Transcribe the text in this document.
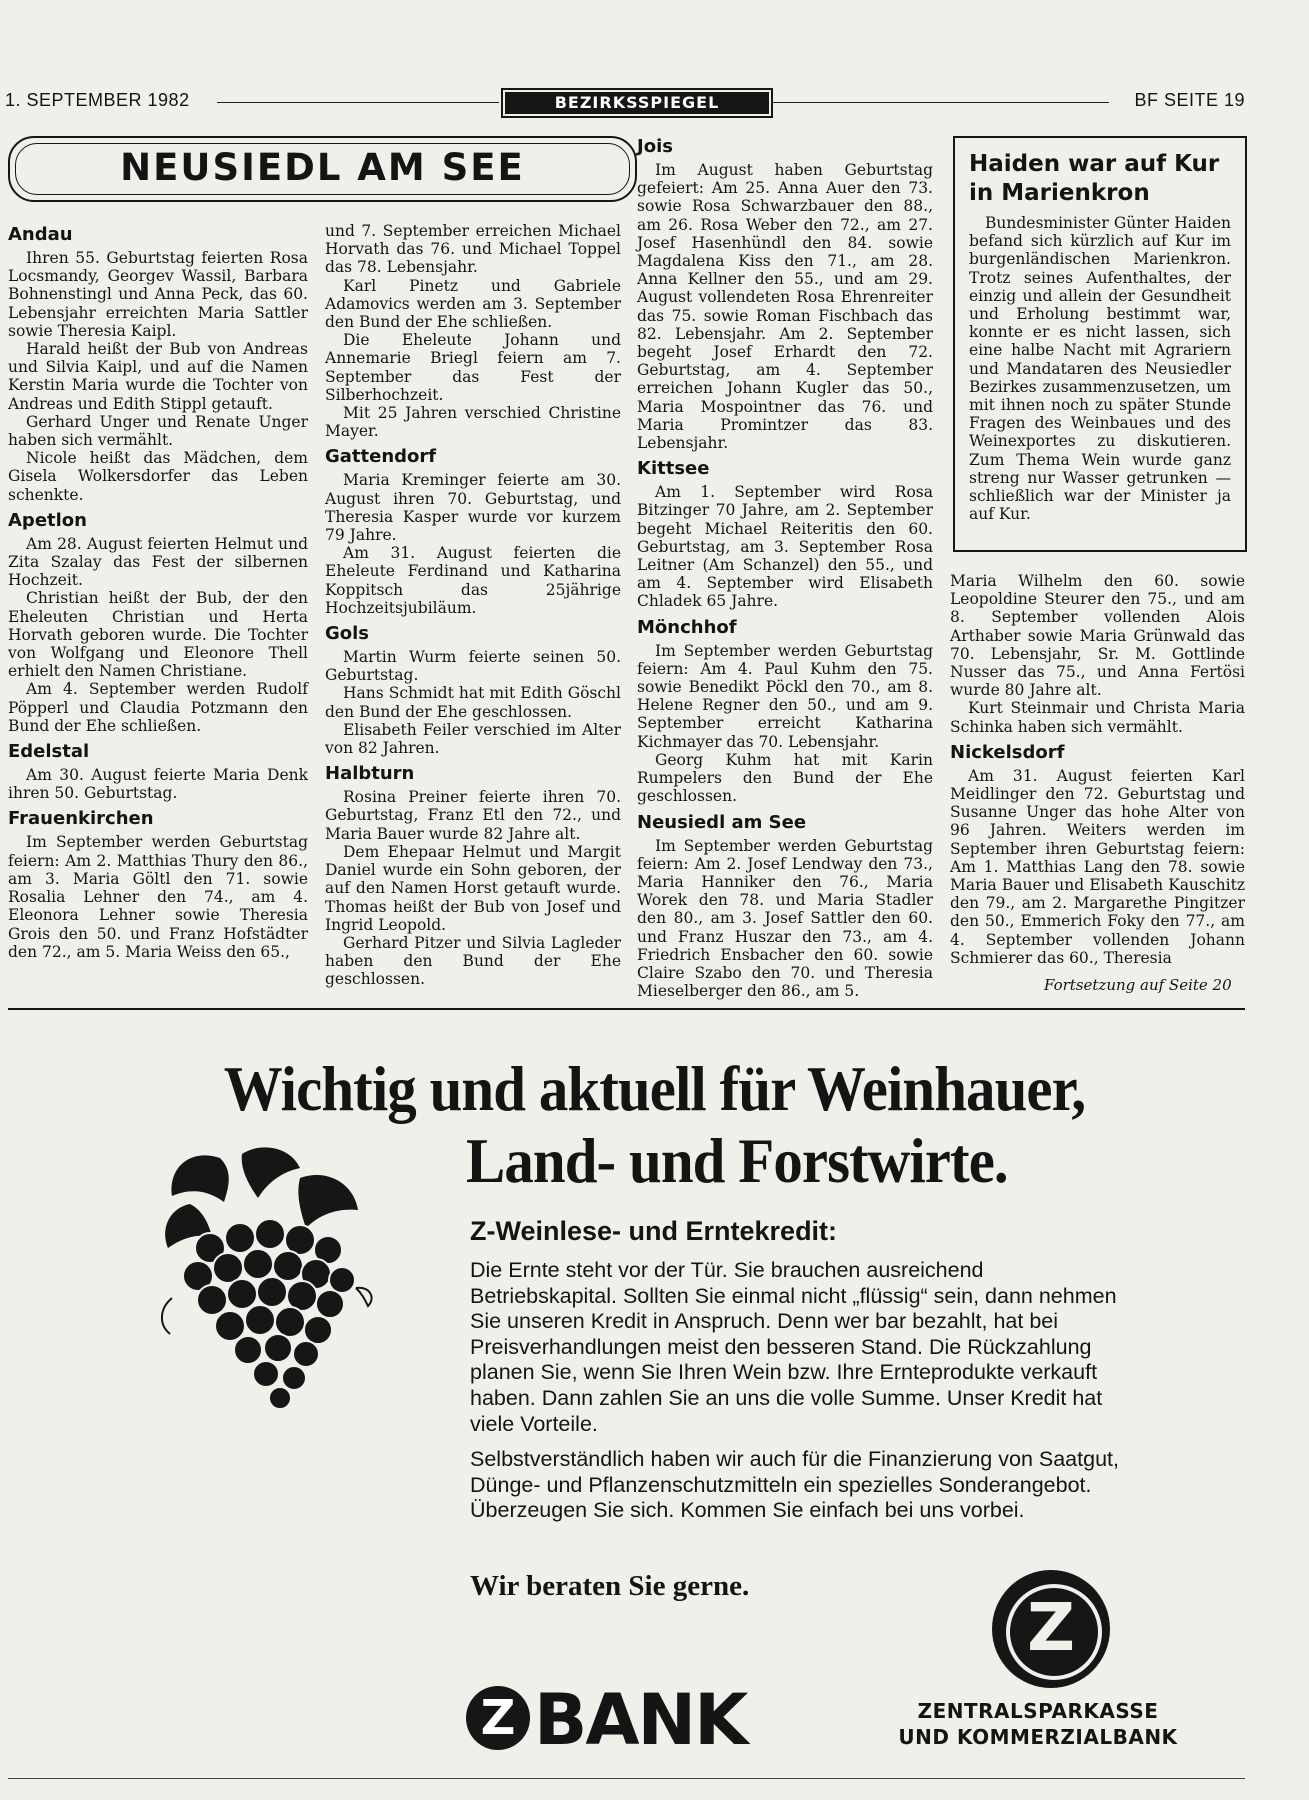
1. SEPTEMBER 1982	BEZIRKSSPIEGEL	BF SEITE 19
NEUSIEDL AM SEE
Andau

Ihren 55. Geburtstag feierten Rosa Locsmandy, Georgev Wassil, Barbara Bohnenstingl und Anna Peck, das 60. Lebensjahr erreichten Maria Sattler sowie Theresia Kaipl.

Harald heißt der Bub von Andreas und Silvia Kaipl, und auf die Namen Kerstin Maria wurde die Tochter von Andreas und Edith Stippl getauft.

Gerhard Unger und Renate Unger haben sich vermählt.

Nicole heißt das Mädchen, dem Gisela Wolkersdorfer das Leben schenkte.

Apetlon

Am 28. August feierten Helmut und Zita Szalay das Fest der silbernen Hochzeit.

Christian heißt der Bub, der den Eheleuten Christian und Herta Horvath geboren wurde. Die Tochter von Wolfgang und Eleonore Thell erhielt den Namen Christiane.

Am 4. September werden Rudolf Pöpperl und Claudia Potzmann den Bund der Ehe schließen.

Edelstal

Am 30. August feierte Maria Denk ihren 50. Geburtstag.

Frauenkirchen

Im September werden Geburtstag feiern: Am 2. Matthias Thury den 86., am 3. Maria Göltl den 71. sowie Rosalia Lehner den 74., am 4. Eleonora Lehner sowie Theresia Grois den 50. und Franz Hofstädter den 72., am 5. Maria Weiss den 65.,

und 7. September erreichen Michael Horvath das 76. und Michael Toppel das 78. Lebensjahr.

Karl Pinetz und Gabriele Adamovics werden am 3. September den Bund der Ehe schließen.

Die Eheleute Johann und Annemarie Briegl feiern am 7. September das Fest der Silberhochzeit.

Mit 25 Jahren verschied Christine Mayer.

Gattendorf

Maria Kreminger feierte am 30. August ihren 70. Geburtstag, und Theresia Kasper wurde vor kurzem 79 Jahre.

Am 31. August feierten die Eheleute Ferdinand und Katharina Koppitsch das 25jährige Hochzeitsjubiläum.

Gols

Martin Wurm feierte seinen 50. Geburtstag.

Hans Schmidt hat mit Edith Göschl den Bund der Ehe geschlossen.

Elisabeth Feiler verschied im Alter von 82 Jahren.

Halbturn

Rosina Preiner feierte ihren 70. Geburtstag, Franz Etl den 72., und Maria Bauer wurde 82 Jahre alt.

Dem Ehepaar Helmut und Margit Daniel wurde ein Sohn geboren, der auf den Namen Horst getauft wurde. Thomas heißt der Bub von Josef und Ingrid Leopold.

Gerhard Pitzer und Silvia Lagleder haben den Bund der Ehe geschlossen.

Jois

Im August haben Geburtstag gefeiert: Am 25. Anna Auer den 73. sowie Rosa Schwarzbauer den 88., am 26. Rosa Weber den 72., am 27. Josef Hasenhündl den 84. sowie Magdalena Kiss den 71., am 28. Anna Kellner den 55., und am 29. August vollendeten Rosa Ehrenreiter das 75. sowie Roman Fischbach das 82. Lebensjahr. Am 2. September begeht Josef Erhardt den 72. Geburtstag, am 4. September erreichen Johann Kugler das 50., Maria Mospointner das 76. und Maria Promintzer das 83. Lebensjahr.

Kittsee

Am 1. September wird Rosa Bitzinger 70 Jahre, am 2. September begeht Michael Reiteritis den 60. Geburtstag, am 3. September Rosa Leitner (Am Schanzel) den 55., und am 4. September wird Elisabeth Chladek 65 Jahre.

Mönchhof

Im September werden Geburtstag feiern: Am 4. Paul Kuhm den 75. sowie Benedikt Pöckl den 70., am 8. Helene Regner den 50., und am 9. September erreicht Katharina Kichmayer das 70. Lebensjahr.

Georg Kuhm hat mit Karin Rumpelers den Bund der Ehe geschlossen.

Neusiedl am See

Im September werden Geburtstag feiern: Am 2. Josef Lendway den 73., Maria Hanniker den 76., Maria Worek den 78. und Maria Stadler den 80., am 3. Josef Sattler den 60. und Franz Huszar den 73., am 4. Friedrich Ensbacher den 60. sowie Claire Szabo den 70. und Theresia Mieselberger den 86., am 5.

Haiden war auf Kur in Marienkron

Bundesminister Günter Haiden befand sich kürzlich auf Kur im burgenländischen Marienkron. Trotz seines Aufenthaltes, der einzig und allein der Gesundheit und Erholung bestimmt war, konnte er es nicht lassen, sich eine halbe Nacht mit Agrariern und Mandataren des Neusiedler Bezirkes zusammenzusetzen, um mit ihnen noch zu später Stunde Fragen des Weinbaues und des Weinexportes zu diskutieren. Zum Thema Wein wurde ganz streng nur Wasser getrunken — schließlich war der Minister ja auf Kur.

Maria Wilhelm den 60. sowie Leopoldine Steurer den 75., und am 8. September vollenden Alois Arthaber sowie Maria Grünwald das 70. Lebensjahr, Sr. M. Gottlinde Nusser das 75., und Anna Fertösi wurde 80 Jahre alt.

Kurt Steinmair und Christa Maria Schinka haben sich vermählt.

Nickelsdorf

Am 31. August feierten Karl Meidlinger den 72. Geburtstag und Susanne Unger das hohe Alter von 96 Jahren. Weiters werden im September ihren Geburtstag feiern: Am 1. Matthias Lang den 78. sowie Maria Bauer und Elisabeth Kauschitz den 79., am 2. Margarethe Pingitzer den 50., Emmerich Foky den 77., am 4. September vollenden Johann Schmierer das 60., Theresia

Fortsetzung auf Seite 20
Wichtig und aktuell für Weinhauer,
Land- und Forstwirte.
Z-Weinlese- und Erntekredit:

Die Ernte steht vor der Tür. Sie brauchen ausreichend Betriebskapital. Sollten Sie einmal nicht „flüssig“ sein, dann nehmen Sie unseren Kredit in Anspruch. Denn wer bar bezahlt, hat bei Preisverhandlungen meist den besseren Stand. Die Rückzahlung planen Sie, wenn Sie Ihren Wein bzw. Ihre Ernteprodukte verkauft haben. Dann zahlen Sie an uns die volle Summe. Unser Kredit hat viele Vorteile.

Selbstverständlich haben wir auch für die Finanzierung von Saatgut, Dünge- und Pflanzenschutzmitteln ein spezielles Sonderangebot. Überzeugen Sie sich. Kommen Sie einfach bei uns vorbei.

Wir beraten Sie gerne.
Z BANK
Z
ZENTRALSPARKASSE
UND KOMMERZIALBANK
